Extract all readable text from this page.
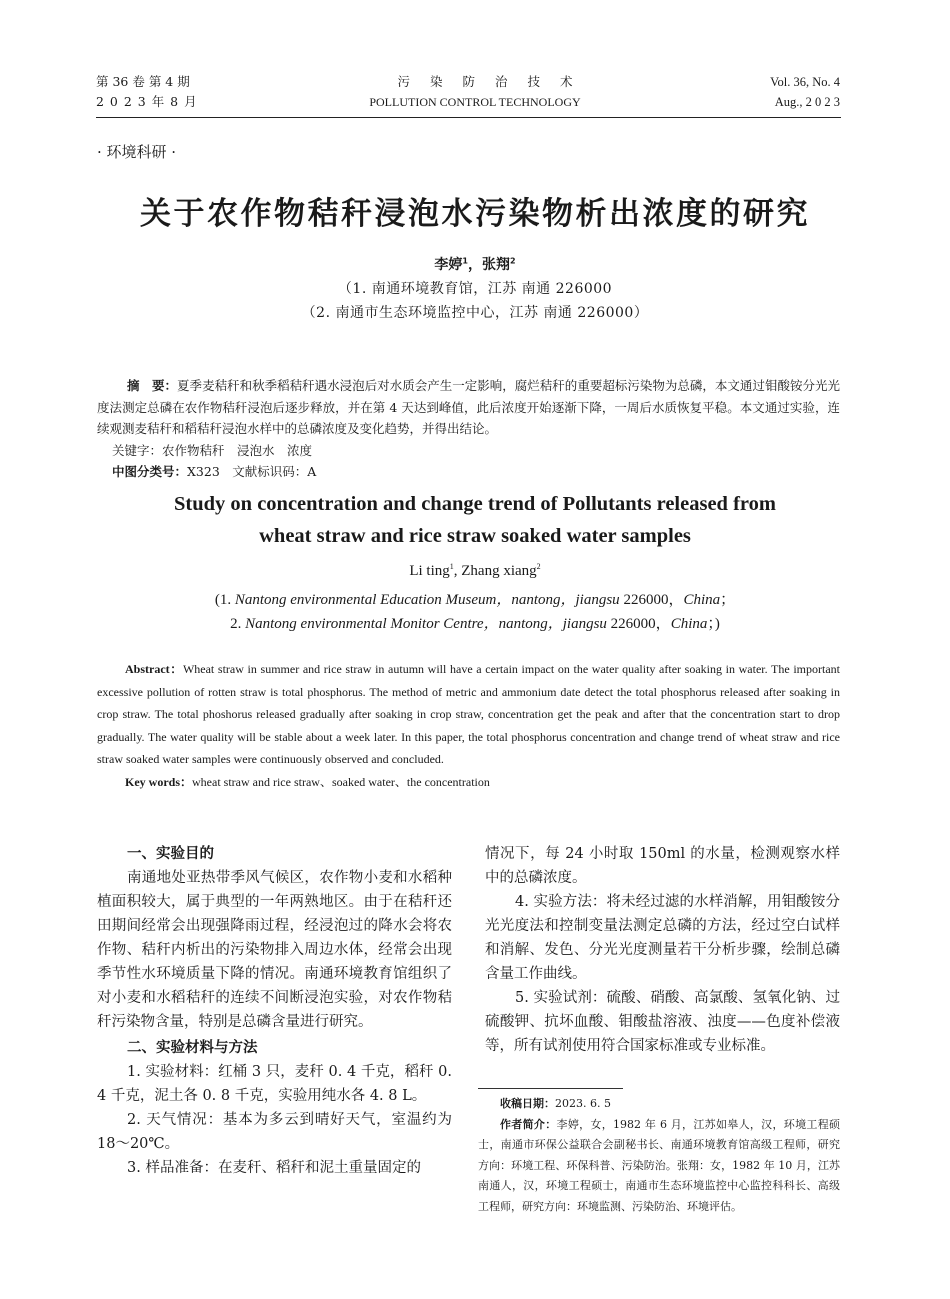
第 36 卷 第 4 期
2 0 2 3 年 8 月
污染防治技术
POLLUTION CONTROL TECHNOLOGY
Vol. 36, No. 4
Aug., 2 0 2 3
· 环境科研 ·
关于农作物秸秆浸泡水污染物析出浓度的研究
李婷$^1$，张翔$^2$
（1. 南通环境教育馆，江苏 南通 226000
（2. 南通市生态环境监控中心，江苏 南通 226000）

摘　要：夏季麦秸秆和秋季稻秸秆遇水浸泡后对水质会产生一定影响，腐烂秸秆的重要超标污染物为总磷，本文通过钼酸铵分光光度法测定总磷在农作物秸秆浸泡后逐步释放，并在第 4 天达到峰值，此后浓度开始逐渐下降，一周后水质恢复平稳。本文通过实验，连续观测麦秸秆和稻秸秆浸泡水样中的总磷浓度及变化趋势，并得出结论。

关键字：农作物秸秆　浸泡水　浓度

中图分类号：X323  文献标识码：A

Study on concentration and change trend of Pollutants released from
wheat straw and rice straw soaked water samples
Li ting$^1$, Zhang xiang$^2$
(1. Nantong environmental Education Museum，nantong，jiangsu 226000，China；
2. Nantong environmental Monitor Centre，nantong，jiangsu 226000，China；)

Abstract：Wheat straw in summer and rice straw in autumn will have a certain impact on the water quality after soaking in water. The important excessive pollution of rotten straw is total phosphorus. The method of metric and ammonium date detect the total phosphorus released after soaking in crop straw. The total phoshorus released gradually after soaking in crop straw, concentration get the peak and after that the concentration start to drop gradually. The water quality will be stable about a week later. In this paper, the total phosphorus concentration and change trend of wheat straw and rice straw soaked water samples were continuously observed and concluded.

Key words：wheat straw and rice straw、soaked water、the concentration

一、实验目的

南通地处亚热带季风气候区，农作物小麦和水稻种植面积较大，属于典型的一年两熟地区。由于在秸秆还田期间经常会出现强降雨过程，经浸泡过的降水会将农作物、秸秆内析出的污染物排入周边水体，经常会出现季节性水环境质量下降的情况。南通环境教育馆组织了对小麦和水稻秸秆的连续不间断浸泡实验，对农作物秸秆污染物含量，特别是总磷含量进行研究。

二、实验材料与方法

1. 实验材料：红桶 3 只，麦秆 0. 4 千克，稻秆 0. 4 千克，泥土各 0. 8 千克，实验用纯水各 4. 8 L。

2. 天气情况：基本为多云到晴好天气，室温约为 18～20℃。

3. 样品准备：在麦秆、稻秆和泥土重量固定的

情况下，每 24 小时取 150ml 的水量，检测观察水样中的总磷浓度。

4. 实验方法：将未经过滤的水样消解，用钼酸铵分光光度法和控制变量法测定总磷的方法，经过空白试样和消解、发色、分光光度测量若干分析步骤，绘制总磷含量工作曲线。

5. 实验试剂：硫酸、硝酸、高氯酸、氢氧化钠、过硫酸钾、抗坏血酸、钼酸盐溶液、浊度——色度补偿液等，所有试剂使用符合国家标准或专业标准。

收稿日期：2023. 6. 5

作者简介：李婷，女，1982 年 6 月，江苏如皋人，汉，环境工程硕士，南通市环保公益联合会副秘书长、南通环境教育馆高级工程师，研究方向：环境工程、环保科普、污染防治。张翔：女，1982 年 10 月，江苏南通人，汉，环境工程硕士，南通市生态环境监控中心监控科科长、高级工程师，研究方向：环境监测、污染防治、环境评估。
